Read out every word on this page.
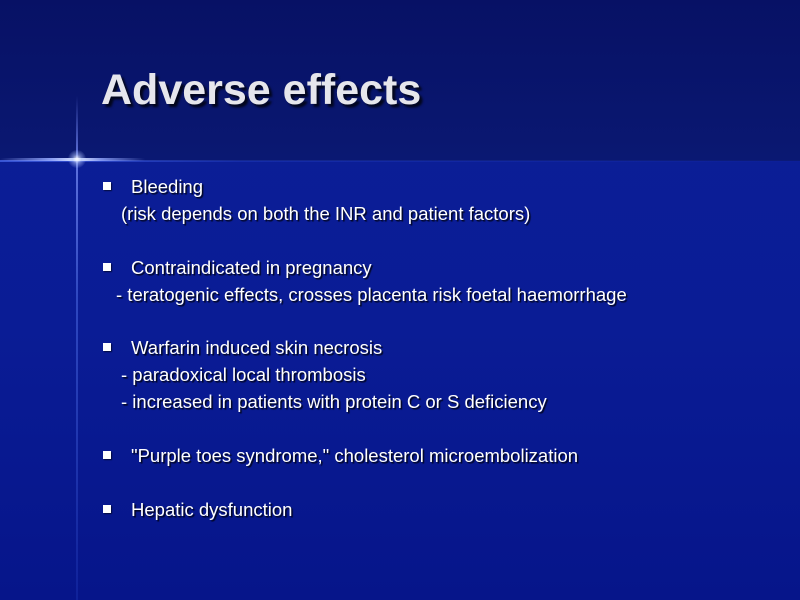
Adverse effects
Bleeding
(risk depends on both the INR and patient factors)
Contraindicated in pregnancy
- teratogenic effects, crosses placenta risk foetal haemorrhage
Warfarin induced skin necrosis
- paradoxical local thrombosis
- increased in patients with protein C or S deficiency
"Purple toes syndrome," cholesterol microembolization
Hepatic dysfunction
